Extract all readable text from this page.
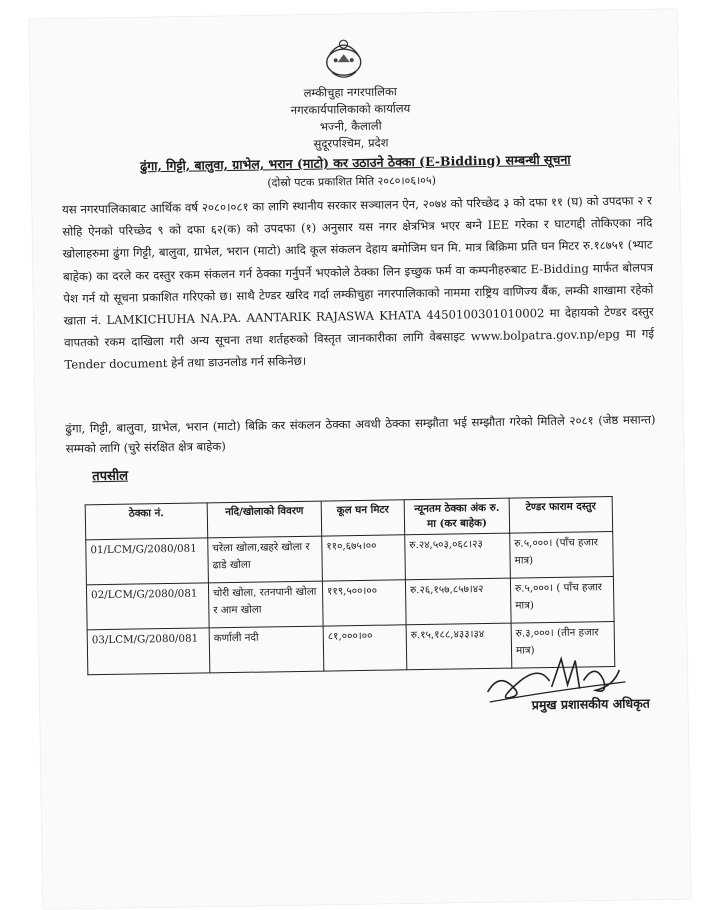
लम्कीचुहा नगरपालिका
नगरकार्यपालिकाको कार्यालय
भज्नी, कैलाली
सुदूरपश्चिम, प्रदेश
ढुंगा, गिट्टी, बालुवा, ग्राभेल, भरान (माटो) कर उठाउने ठेक्का (E-Bidding) सम्बन्धी सूचना
(दोस्रो पटक प्रकाशित मिति २०८०।०६।०५)
यस नगरपालिकाबाट आर्थिक वर्ष २०८०।०८१ का लागि स्थानीय सरकार सञ्चालन ऐन, २०७४ को परिच्छेद ३ को दफा ११ (घ) को उपदफा २ र सोहि ऐनको परिच्छेद ९ को दफा ६२(क) को उपदफा (१) अनुसार यस नगर क्षेत्रभित्र भएर बग्ने IEE गरेका र घाटगद्दी तोकिएका नदि खोलाहरुमा ढुंगा गिट्टी, बालुवा, ग्राभेल, भरान (माटो) आदि कूल संकलन देहाय बमोजिम घन मि. मात्र बिक्रिमा प्रति घन मिटर रु.१८७५१ (भ्याट बाहेक) का दरले कर दस्तुर रकम संकलन गर्न ठेक्का गर्नुपर्ने भएकोले ठेक्का लिन इच्छुक फर्म वा कम्पनीहरुबाट E-Bidding मार्फत बोलपत्र पेश गर्न यो सूचना प्रकाशित गरिएको छ। साथै टेण्डर खरिद गर्दा लम्कीचुहा नगरपालिकाको नाममा राष्ट्रिय वाणिज्य बैंक, लम्की शाखामा रहेको खाता नं. LAMKICHUHA NA.PA. AANTARIK RAJASWA KHATA 4450100301010002 मा देहायको टेण्डर दस्तुर वापतको रकम दाखिला गरी अन्य सूचना तथा शर्तहरुको विस्तृत जानकारीका लागि वेबसाइट www.bolpatra.gov.np/epg मा गई Tender document हेर्न तथा डाउनलोड गर्न सकिनेछ।
ढुंगा, गिट्टी, बालुवा, ग्राभेल, भरान (माटो) बिक्रि कर संकलन ठेक्का अवधी ठेक्का सम्झौता भई सम्झौता गरेको मितिले २०८१ (जेष्ठ मसान्त) सम्मको लागि (चुरे संरक्षित क्षेत्र बाहेक)
तपसील
ठेक्का नं.	नदि/खोलाको विवरण	कूल घन मिटर	न्यूनतम ठेक्का अंक रु. मा (कर बाहेक)	टेण्डर फाराम दस्तुर
01/LCM/G/2080/081	चरेला खोला,खहरे खोला र ढाडे खोला	११०,६७५।००	रु.२४,५०३,०६८।२३	रु.५,०००। (पाँच हजार मात्र)
02/LCM/G/2080/081	चोरी खोला, रतनपानी खोला र आम खोला	११९,५००।००	रु.२६,१५७,८५७।४२	रु.५,०००। ( पाँच हजार मात्र)
03/LCM/G/2080/081	कर्णाली नदी	८१,०००।००	रु.१५,१८८,४३३।३४	रु.३,०००। (तीन हजार मात्र)
प्रमुख प्रशासकीय अधिकृत
